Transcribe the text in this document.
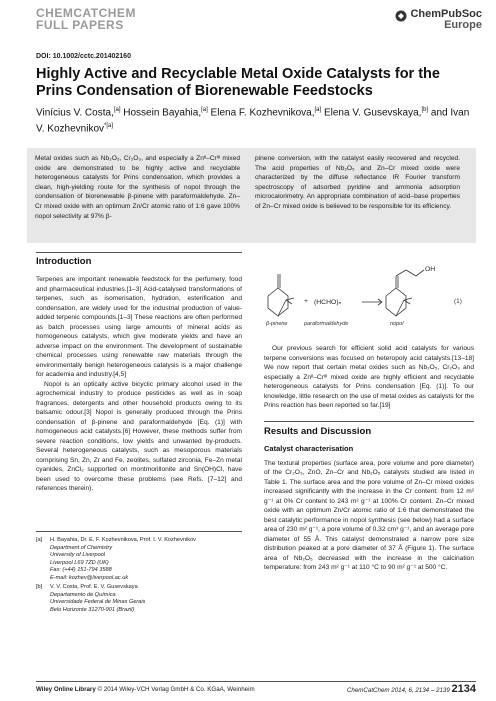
CHEMCATCHEM
FULL PAPERS
ChemPubSoc
Europe
DOI: 10.1002/cctc.201402160
Highly Active and Recyclable Metal Oxide Catalysts for the Prins Condensation of Biorenewable Feedstocks
Vinícius V. Costa,[a] Hossein Bayahia,[a] Elena F. Kozhevnikova,[a] Elena V. Gusevskaya,[b] and Ivan V. Kozhevnikov$^{*[a]}$
Metal oxides such as Nb₂O₅, Cr₂O₃, and especially a Znᴵᴵ–Crᴵᴵᴵ mixed oxide are demonstrated to be highly active and recyclable heterogeneous catalysts for Prins condensation, which provides a clean, high-yielding route for the synthesis of nopol through the condensation of biorenewable β-pinene with paraformaldehyde. Zn–Cr mixed oxide with an optimum Zn/Cr atomic ratio of 1:6 gave 100% nopol selectivity at 97% β-
pinene conversion, with the catalyst easily recovered and recycled. The acid properties of Nb₂O₅ and Zn–Cr mixed oxide were characterized by the diffuse reflectance IR Fourier transform spectroscopy of adsorbed pyridine and ammonia adsorption microcalorimetry. An appropriate combination of acid–base properties of Zn–Cr mixed oxide is believed to be responsible for its efficiency.
Introduction

Terpenes are important renewable feedstock for the perfumery, food and pharmaceutical industries.[1–3] Acid-catalysed transformations of terpenes, such as isomerisation, hydration, esterification and condensation, are widely used for the industrial production of value-added terpenic compounds.[1–3] These reactions are often performed as batch processes using large amounts of mineral acids as homogeneous catalysts, which give moderate yields and have an adverse impact on the environment. The development of sustainable chemical processes using renewable raw materials through the environmentally benign heterogeneous catalysis is a major challenge for academia and industry.[4,5]

Nopol is an optically active bicyclic primary alcohol used in the agrochemical industry to produce pesticides as well as in soap fragrances, detergents and other household products owing to its balsamic odour.[3] Nopol is generally produced through the Prins condensation of β-pinene and paraformaldehyde [Eq. (1)] with homogeneous acid catalysts.[6] However, these methods suffer from severe reaction conditions, low yields and unwanted by-products. Several heterogeneous catalysts, such as mesoporous materials comprising Sn, Zn, Zr and Fe, zeolites, sulfated zirconia, Fe–Zn metal cyanides, ZnCl₂ supported on montmorillonite and Sn(OH)Cl, have been used to overcome these problems (see Refs. [7–12] and references therein).

[a]	H. Bayahia, Dr. E. F. Kozhevnikova, Prof. I. V. Kozhevnikov
Department of Chemistry
University of Liverpool
Liverpool L69 7ZD (UK)
Fax: (+44) 151-794 3588
E-mail: kozhev@liverpool.ac.uk
[b]	V. V. Costa, Prof. E. V. Gusevskaya
Departamento de Química
Universidade Federal de Minas Gerais
Belo Horizonte 31270-901 (Brazil)
+ (HCHO)ₙ
OH
(1)
β-pinene	paraformaldehyde	nopol

Our previous search for efficient solid acid catalysts for various terpene conversions was focused on heteropoly acid catalysts.[13–18] We now report that certain metal oxides such as Nb₂O₅, Cr₂O₃ and especially a Znᴵᴵ–Crᴵᴵᴵ mixed oxide are highly efficient and recyclable heterogeneous catalysts for Prins condensation [Eq. (1)]. To our knowledge, little research on the use of metal oxides as catalysts for the Prins reaction has been reported so far.[19]

Results and Discussion
Catalyst characterisation

The textural properties (surface area, pore volume and pore diameter) of the Cr₂O₃, ZnO, Zn–Cr and Nb₂O₅ catalysts studied are listed in Table 1. The surface area and the pore volume of Zn–Cr mixed oxides increased significantly with the increase in the Cr content: from 12 m² g⁻¹ at 0% Cr content to 243 m² g⁻¹ at 100% Cr content. Zn–Cr mixed oxide with an optimum Zn/Cr atomic ratio of 1:6 that demonstrated the best catalytic performance in nopol synthesis (see below) had a surface area of 230 m² g⁻¹, a pore volume of 0.32 cm³ g⁻¹, and an average pore diameter of 55 Å. This catalyst demonstrated a narrow pore size distribution peaked at a pore diameter of 37 Å (Figure 1). The surface area of Nb₂O₅ decreased with the increase in the calcination temperature: from 243 m² g⁻¹ at 110 °C to 90 m² g⁻¹ at 500 °C.

Wiley Online Library © 2014 Wiley-VCH Verlag GmbH & Co. KGaA, Weinheim	ChemCatChem 2014, 6, 2134 – 2139 2134
